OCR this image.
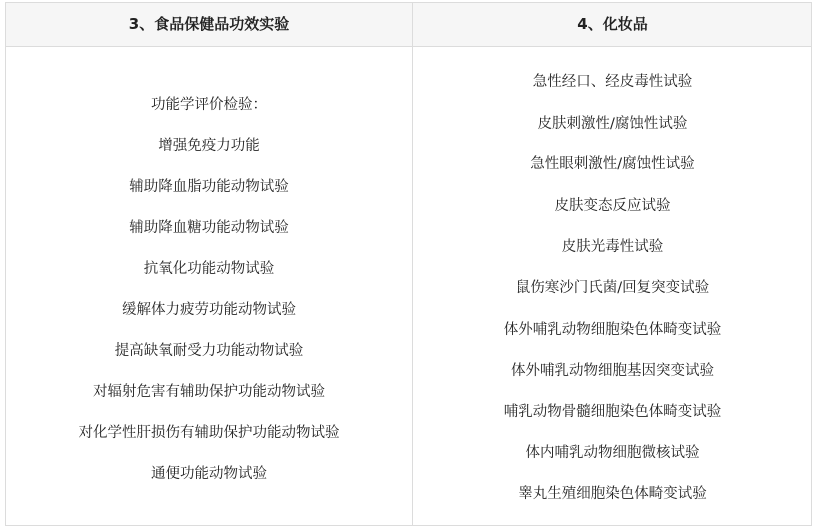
3、食品保健品功效实验	4、化妆品
功能学评价检验：
增强免疫力功能
辅助降血脂功能动物试验
辅助降血糖功能动物试验
抗氧化功能动物试验
缓解体力疲劳功能动物试验
提高缺氧耐受力功能动物试验
对辐射危害有辅助保护功能动物试验
对化学性肝损伤有辅助保护功能动物试验
通便功能动物试验
急性经口、经皮毒性试验
皮肤刺激性/腐蚀性试验
急性眼刺激性/腐蚀性试验
皮肤变态反应试验
皮肤光毒性试验
鼠伤寒沙门氏菌/回复突变试验
体外哺乳动物细胞染色体畸变试验
体外哺乳动物细胞基因突变试验
哺乳动物骨髓细胞染色体畸变试验
体内哺乳动物细胞微核试验
睾丸生殖细胞染色体畸变试验
